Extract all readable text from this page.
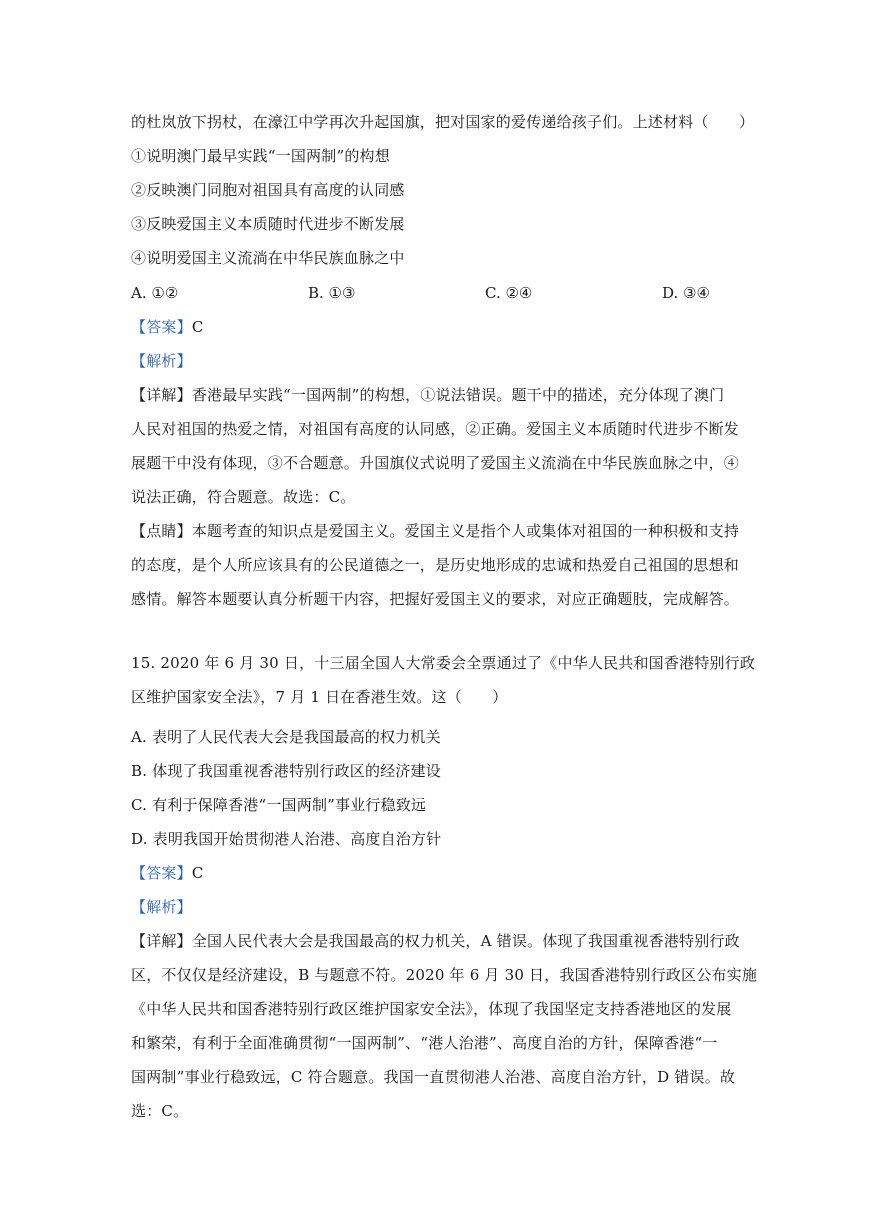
的杜岚放下拐杖，在濠江中学再次升起国旗，把对国家的爱传递给孩子们。上述材料（　　）
①说明澳门最早实践“一国两制”的构想
②反映澳门同胞对祖国具有高度的认同感
③反映爱国主义本质随时代进步不断发展
④说明爱国主义流淌在中华民族血脉之中
A. ①②	B. ①③	C. ②④	D. ③④
【答案】C
【解析】
【详解】香港最早实践“一国两制”的构想，①说法错误。题干中的描述，充分体现了澳门
人民对祖国的热爱之情，对祖国有高度的认同感，②正确。爱国主义本质随时代进步不断发
展题干中没有体现，③不合题意。升国旗仪式说明了爱国主义流淌在中华民族血脉之中，④
说法正确，符合题意。故选：C。
【点睛】本题考查的知识点是爱国主义。爱国主义是指个人或集体对祖国的一种积极和支持
的态度，是个人所应该具有的公民道德之一，是历史地形成的忠诚和热爱自己祖国的思想和
感情。解答本题要认真分析题干内容，把握好爱国主义的要求，对应正确题肢，完成解答。
15. 2020 年 6 月 30 日，十三届全国人大常委会全票通过了《中华人民共和国香港特别行政
区维护国家安全法》，7 月 1 日在香港生效。这（　　）
A. 表明了人民代表大会是我国最高的权力机关
B. 体现了我国重视香港特别行政区的经济建设
C. 有利于保障香港“一国两制”事业行稳致远
D. 表明我国开始贯彻港人治港、高度自治方针
【答案】C
【解析】
【详解】全国人民代表大会是我国最高的权力机关，A 错误。体现了我国重视香港特别行政
区，不仅仅是经济建设，B 与题意不符。2020 年 6 月 30 日，我国香港特别行政区公布实施
《中华人民共和国香港特别行政区维护国家安全法》，体现了我国坚定支持香港地区的发展
和繁荣，有利于全面准确贯彻“一国两制”、“港人治港”、高度自治的方针，保障香港“一
国两制”事业行稳致远，C 符合题意。我国一直贯彻港人治港、高度自治方针，D 错误。故
选：C。
